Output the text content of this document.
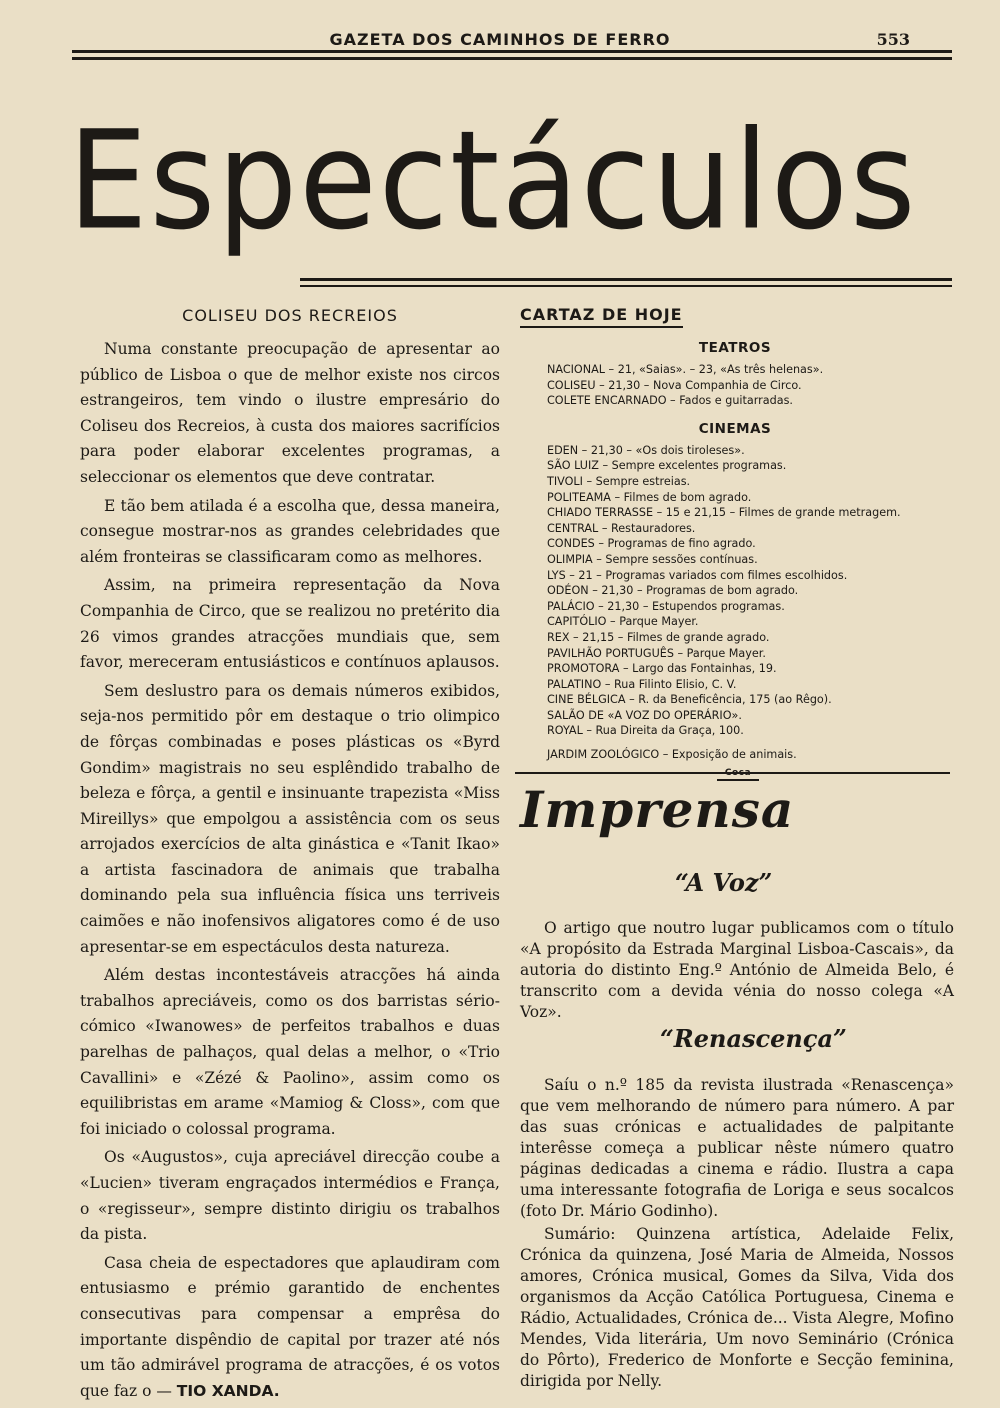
GAZETA DOS CAMINHOS DE FERRO	553
Espectáculos
COLISEU DOS RECREIOS

Numa constante preocupação de apresentar ao público de Lisboa o que de melhor existe nos circos estrangeiros, tem vindo o ilustre empresário do Coliseu dos Recreios, à custa dos maiores sacrifícios para poder elaborar excelentes programas, a seleccionar os elementos que deve contratar.

E tão bem atilada é a escolha que, dessa maneira, consegue mostrar-nos as grandes celebridades que além fronteiras se classificaram como as melhores.

Assim, na primeira representação da Nova Companhia de Circo, que se realizou no pretérito dia 26 vimos grandes atracções mundiais que, sem favor, mereceram entusiásticos e contínuos aplausos.

Sem deslustro para os demais números exibidos, seja-nos permitido pôr em destaque o trio olimpico de fôrças combinadas e poses plásticas os «Byrd Gondim» magistrais no seu esplêndido trabalho de beleza e fôrça, a gentil e insinuante trapezista «Miss Mireillys» que empolgou a assistência com os seus arrojados exercícios de alta ginástica e «Tanit Ikao» a artista fascinadora de animais que trabalha dominando pela sua influência física uns terriveis caimões e não inofensivos aligatores como é de uso apresentar-se em espectáculos desta natureza.

Além destas incontestáveis atracções há ainda trabalhos apreciáveis, como os dos barristas sério-cómico «Iwanowes» de perfeitos trabalhos e duas parelhas de palhaços, qual delas a melhor, o «Trio Cavallini» e «Zézé & Paolino», assim como os equilibristas em arame «Mamiog & Closs», com que foi iniciado o colossal programa.

Os «Augustos», cuja apreciável direcção coube a «Lucien» tiveram engraçados intermédios e França, o «regisseur», sempre distinto dirigiu os trabalhos da pista.

Casa cheia de espectadores que aplaudiram com entusiasmo e prémio garantido de enchentes consecutivas para compensar a emprêsa do importante dispêndio de capital por trazer até nós um tão admirável programa de atracções, é os votos que faz o — TIO XANDA.

CARTAZ DE HOJE
TEATROS
NACIONAL – 21, «Saias». – 23, «As três helenas».
COLISEU – 21,30 – Nova Companhia de Circo.
COLETE ENCARNADO – Fados e guitarradas.
CINEMAS
EDEN – 21,30 – «Os dois tiroleses».
SÃO LUIZ – Sempre excelentes programas.
TIVOLI – Sempre estreias.
POLITEAMA – Filmes de bom agrado.
CHIADO TERRASSE – 15 e 21,15 – Filmes de grande metragem.
CENTRAL – Restauradores.
CONDES – Programas de fino agrado.
OLIMPIA – Sempre sessões contínuas.
LYS – 21 – Programas variados com filmes escolhidos.
ODÉON – 21,30 – Programas de bom agrado.
PALÁCIO – 21,30 – Estupendos programas.
CAPITÓLIO – Parque Mayer.
REX – 21,15 – Filmes de grande agrado.
PAVILHÃO PORTUGUÊS – Parque Mayer.
PROMOTORA – Largo das Fontainhas, 19.
PALATINO – Rua Filinto Elisio, C. V.
CINE BÉLGICA – R. da Beneficência, 175 (ao Rêgo).
SALÃO DE «A VOZ DO OPERÁRIO».
ROYAL – Rua Direita da Graça, 100.
JARDIM ZOOLÓGICO – Exposição de animais.
Imprensa
“A Voz”

O artigo que noutro lugar publicamos com o título «A propósito da Estrada Marginal Lisboa-Cascais», da autoria do distinto Eng.º António de Almeida Belo, é transcrito com a devida vénia do nosso colega «A Voz».

“Renascença”

Saíu o n.º 185 da revista ilustrada «Renascença» que vem melhorando de número para número. A par das suas crónicas e actualidades de palpitante interêsse começa a publicar nêste número quatro páginas dedicadas a cinema e rádio. Ilustra a capa uma interessante fotografia de Loriga e seus socalcos (foto Dr. Mário Godinho).

Sumário: Quinzena artística, Adelaide Felix, Crónica da quinzena, José Maria de Almeida, Nossos amores, Crónica musical, Gomes da Silva, Vida dos organismos da Acção Católica Portuguesa, Cinema e Rádio, Actualidades, Crónica de... Vista Alegre, Mofino Mendes, Vida literária, Um novo Seminário (Crónica do Pôrto), Frederico de Monforte e Secção feminina, dirigida por Nelly.
